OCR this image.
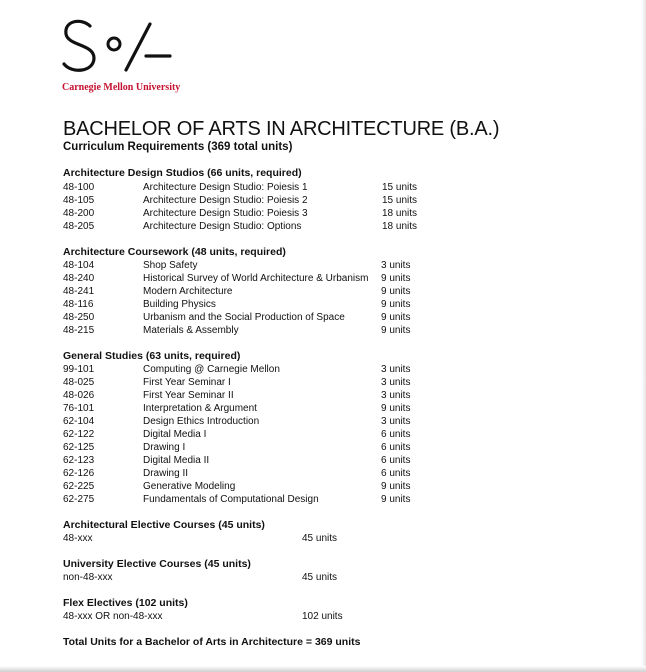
Carnegie Mellon University
BACHELOR OF ARTS IN ARCHITECTURE (B.A.)
Curriculum Requirements (369 total units)
Architecture Design Studios (66 units, required)
48-100	Architecture Design Studio: Poiesis 1	15 units
48-105	Architecture Design Studio: Poiesis 2	15 units
48-200	Architecture Design Studio: Poiesis 3	18 units
48-205	Architecture Design Studio: Options	18 units
Architecture Coursework (48 units, required)
48-104	Shop Safety	3 units
48-240	Historical Survey of World Architecture & Urbanism 9 units
48-241	Modern Architecture	9 units
48-116	Building Physics	9 units
48-250	Urbanism and the Social Production of Space	9 units
48-215	Materials & Assembly	9 units
General Studies (63 units, required)
99-101	Computing @ Carnegie Mellon	3 units
48-025	First Year Seminar I	3 units
48-026	First Year Seminar II	3 units
76-101	Interpretation & Argument	9 units
62-104	Design Ethics Introduction	3 units
62-122	Digital Media I	6 units
62-125	Drawing I	6 units
62-123	Digital Media II	6 units
62-126	Drawing II	6 units
62-225	Generative Modeling	9 units
62-275	Fundamentals of Computational Design	9 units
Architectural Elective Courses (45 units)
48-xxx	45 units
University Elective Courses (45 units)
non-48-xxx	45 units
Flex Electives (102 units)
48-xxx OR non-48-xxx	102 units
Total Units for a Bachelor of Arts in Architecture = 369 units
